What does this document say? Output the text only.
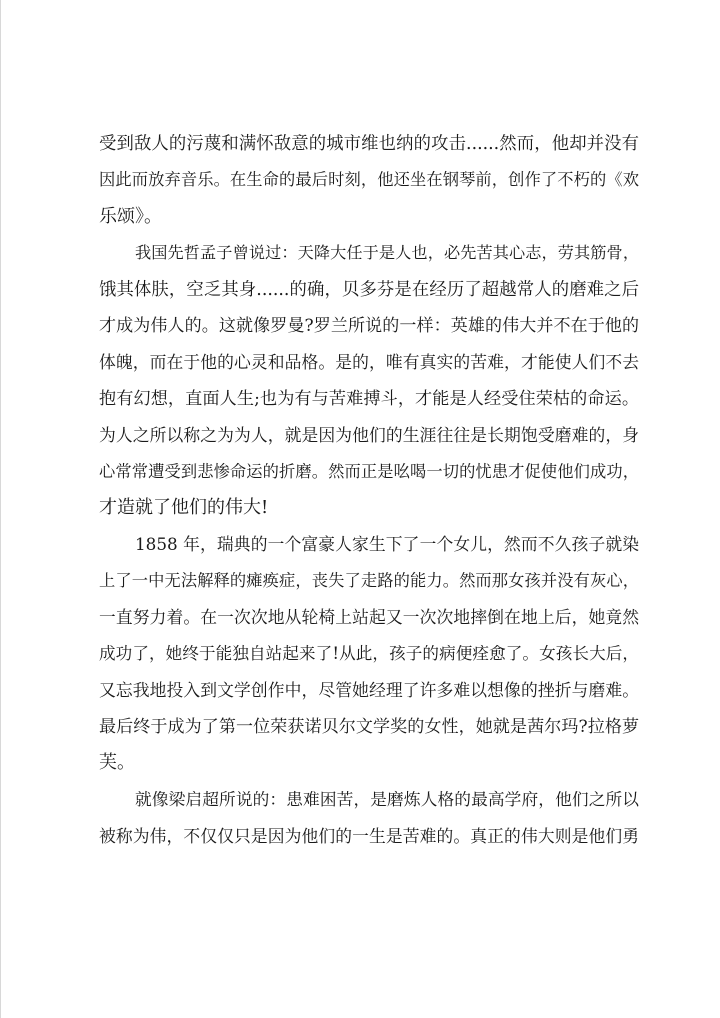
受到敌人的污蔑和满怀敌意的城市维也纳的攻击......然而，他却并没有
因此而放弃音乐。在生命的最后时刻，他还坐在钢琴前，创作了不朽的《欢
乐颂》。

我国先哲孟子曾说过：天降大任于是人也，必先苦其心志，劳其筋骨，
饿其体肤，空乏其身......的确，贝多芬是在经历了超越常人的磨难之后
才成为伟人的。这就像罗曼?罗兰所说的一样：英雄的伟大并不在于他的
体魄，而在于他的心灵和品格。是的，唯有真实的苦难，才能使人们不去
抱有幻想，直面人生;也为有与苦难搏斗，才能是人经受住荣枯的命运。
为人之所以称之为为人，就是因为他们的生涯往往是长期饱受磨难的，身
心常常遭受到悲惨命运的折磨。然而正是吆喝一切的忧患才促使他们成功，
才造就了他们的伟大!

1858 年，瑞典的一个富豪人家生下了一个女儿，然而不久孩子就染
上了一中无法解释的瘫痪症，丧失了走路的能力。然而那女孩并没有灰心，
一直努力着。在一次次地从轮椅上站起又一次次地摔倒在地上后，她竟然
成功了，她终于能独自站起来了!从此，孩子的病便痊愈了。女孩长大后，
又忘我地投入到文学创作中，尽管她经理了许多难以想像的挫折与磨难。
最后终于成为了第一位荣获诺贝尔文学奖的女性，她就是茜尔玛?拉格萝
芙。

就像梁启超所说的：患难困苦，是磨炼人格的最高学府，他们之所以
被称为伟，不仅仅只是因为他们的一生是苦难的。真正的伟大则是他们勇
